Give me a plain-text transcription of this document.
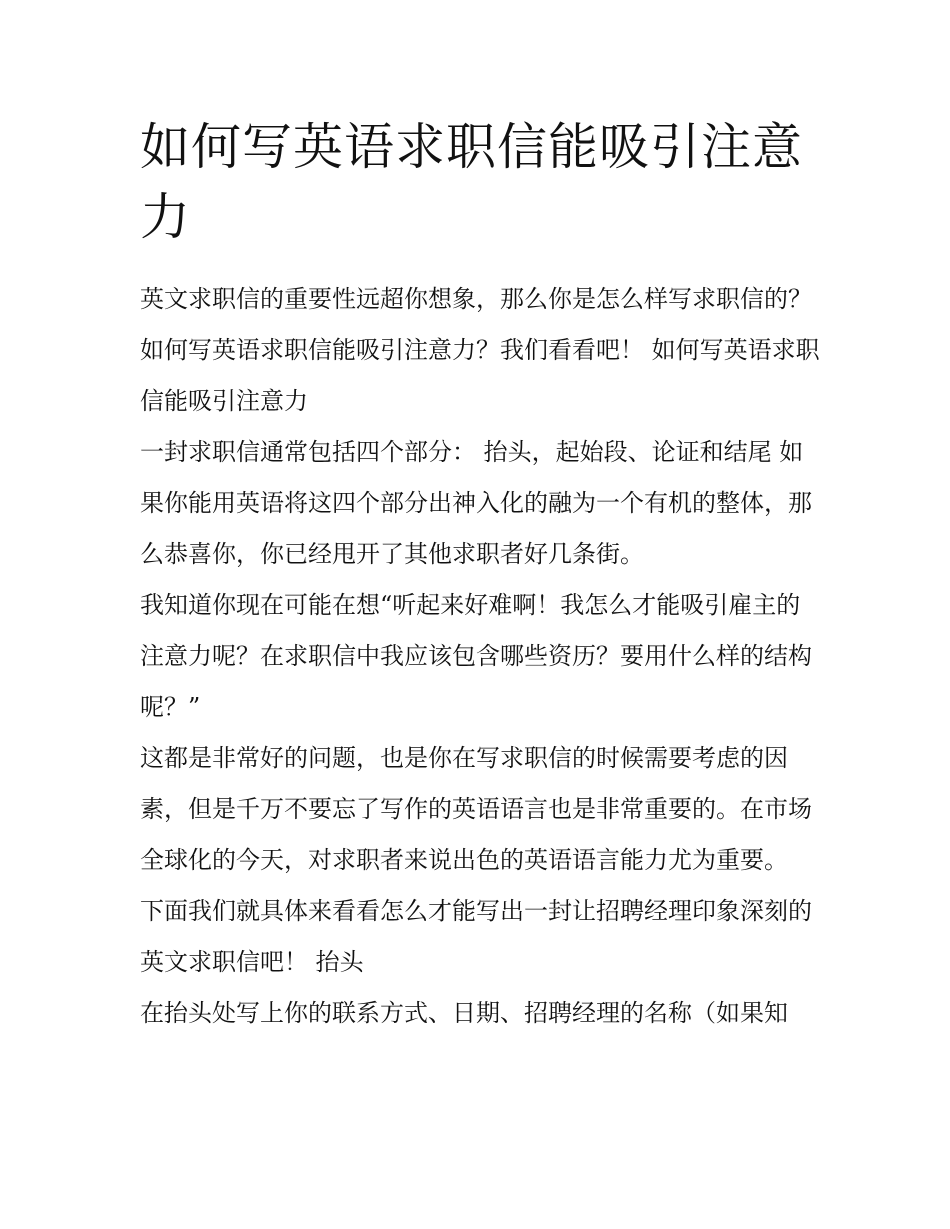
如何写英语求职信能吸引注意力

英文求职信的重要性远超你想象，那么你是怎么样写求职信的？如何写英语求职信能吸引注意力？我们看看吧！ 如何写英语求职信能吸引注意力

一封求职信通常包括四个部分： 抬头，起始段、论证和结尾 如果你能用英语将这四个部分出神入化的融为一个有机的整体，那么恭喜你，你已经甩开了其他求职者好几条街。

我知道你现在可能在想“听起来好难啊！我怎么才能吸引雇主的注意力呢？在求职信中我应该包含哪些资历？要用什么样的结构呢？”

这都是非常好的问题，也是你在写求职信的时候需要考虑的因素，但是千万不要忘了写作的英语语言也是非常重要的。在市场全球化的今天，对求职者来说出色的英语语言能力尤为重要。

下面我们就具体来看看怎么才能写出一封让招聘经理印象深刻的英文求职信吧！ 抬头

在抬头处写上你的联系方式、日期、招聘经理的名称（如果知
